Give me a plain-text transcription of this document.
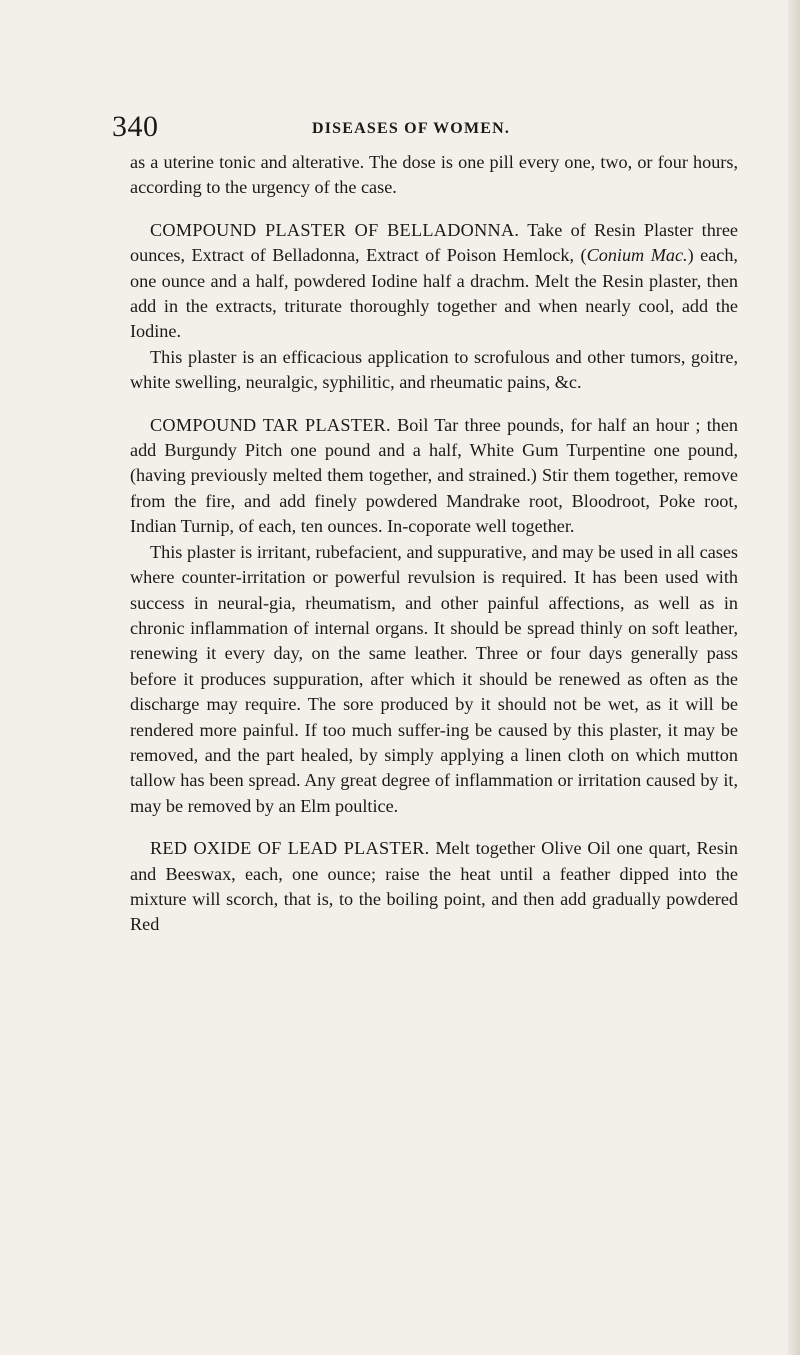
340	DISEASES OF WOMEN.

as a uterine tonic and alterative. The dose is one pill every one, two, or four hours, according to the urgency of the case.

COMPOUND PLASTER OF BELLADONNA. Take of Resin Plaster three ounces, Extract of Belladonna, Extract of Poison Hemlock, (Conium Mac.) each, one ounce and a half, powdered Iodine half a drachm. Melt the Resin plaster, then add in the extracts, triturate thoroughly together and when nearly cool, add the Iodine.

This plaster is an efficacious application to scrofulous and other tumors, goitre, white swelling, neuralgic, syphilitic, and rheumatic pains, &c.

COMPOUND TAR PLASTER. Boil Tar three pounds, for half an hour ; then add Burgundy Pitch one pound and a half, White Gum Turpentine one pound, (having previously melted them together, and strained.) Stir them together, remove from the fire, and add finely powdered Mandrake root, Bloodroot, Poke root, Indian Turnip, of each, ten ounces. In-coporate well together.

This plaster is irritant, rubefacient, and suppurative, and may be used in all cases where counter-irritation or powerful revulsion is required. It has been used with success in neural-gia, rheumatism, and other painful affections, as well as in chronic inflammation of internal organs. It should be spread thinly on soft leather, renewing it every day, on the same leather. Three or four days generally pass before it produces suppuration, after which it should be renewed as often as the discharge may require. The sore produced by it should not be wet, as it will be rendered more painful. If too much suffer-ing be caused by this plaster, it may be removed, and the part healed, by simply applying a linen cloth on which mutton tallow has been spread. Any great degree of inflammation or irritation caused by it, may be removed by an Elm poultice.

RED OXIDE OF LEAD PLASTER. Melt together Olive Oil one quart, Resin and Beeswax, each, one ounce; raise the heat until a feather dipped into the mixture will scorch, that is, to the boiling point, and then add gradually powdered Red
